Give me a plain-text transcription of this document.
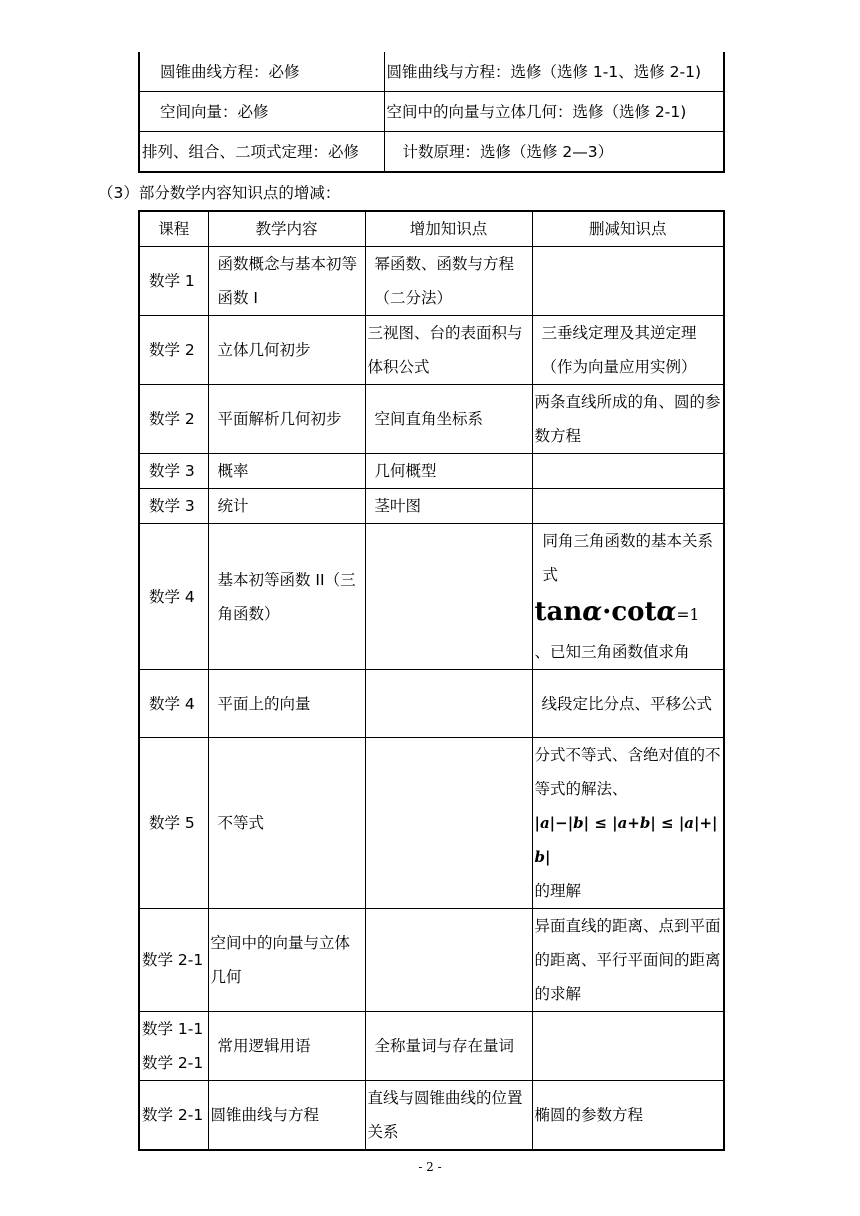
圆锥曲线方程：必修	圆锥曲线与方程：选修（选修 1-1、选修 2-1)
空间向量：必修	空间中的向量与立体几何：选修（选修 2-1)
排列、组合、二项式定理：必修	计数原理：选修（选修 2—3）
（3）部分数学内容知识点的增减：
课程	教学内容	增加知识点	删减知识点
数学 1	函数概念与基本初等函数 I	幂函数、函数与方程（二分法）	
数学 2	立体几何初步	三视图、台的表面积与体积公式	三垂线定理及其逆定理（作为向量应用实例）
数学 2	平面解析几何初步	空间直角坐标系	两条直线所成的角、圆的参数方程
数学 3	概率	几何概型	
数学 3	统计	茎叶图	
数学 4	基本初等函数 II（三角函数）		同角三角函数的基本关系式
tanα·cotα=1
、已知三角函数值求角

数学 4	平面上的向量		线段定比分点、平移公式
数学 5	不等式		分式不等式、含绝对值的不等式的解法、
|a|−|b| ≤ |a+b| ≤ |a|+|b|
的理解

数学 2-1	空间中的向量与立体几何		异面直线的距离、点到平面的距离、平行平面间的距离的求解
数学 1-1 数学 2-1	常用逻辑用语	全称量词与存在量词	
数学 2-1	圆锥曲线与方程	直线与圆锥曲线的位置关系	椭圆的参数方程
- 2 -
